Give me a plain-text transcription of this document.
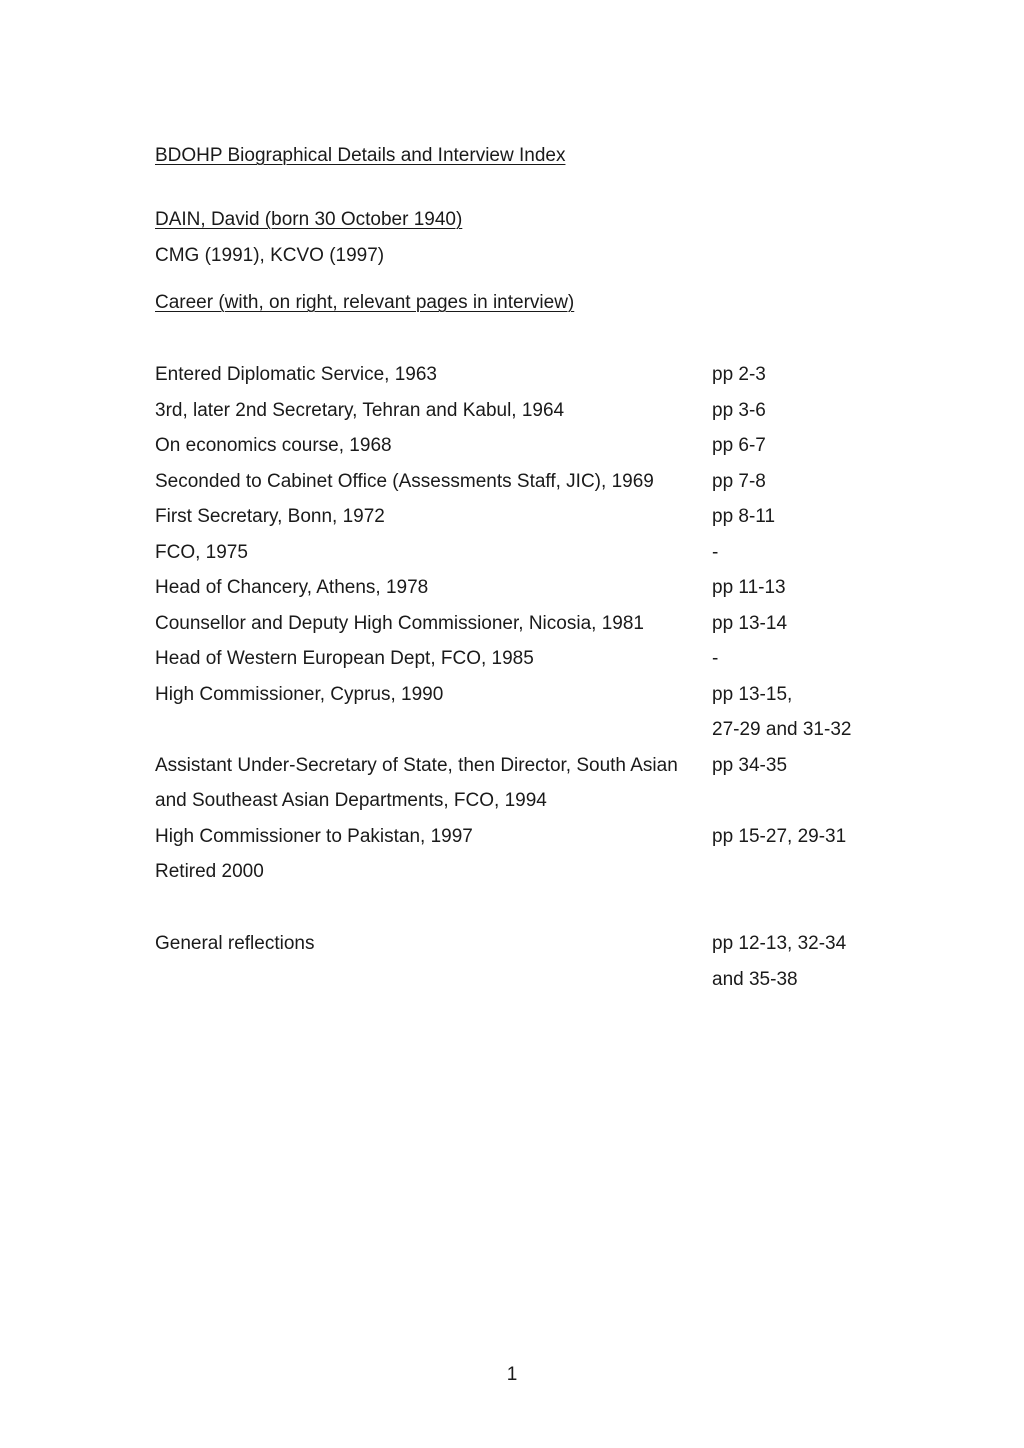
BDOHP Biographical Details and Interview Index
DAIN, David (born 30 October 1940)
CMG (1991), KCVO (1997)
Career (with, on right, relevant pages in interview)
Entered Diplomatic Service, 1963	pp 2-3
3rd, later 2nd Secretary, Tehran and Kabul, 1964	pp 3-6
On economics course, 1968	pp 6-7
Seconded to Cabinet Office (Assessments Staff, JIC), 1969	pp 7-8
First Secretary, Bonn, 1972	pp 8-11
FCO, 1975	-
Head of Chancery, Athens, 1978	pp 11-13
Counsellor and Deputy High Commissioner, Nicosia, 1981	pp 13-14
Head of Western European Dept, FCO, 1985	-
High Commissioner, Cyprus, 1990	pp 13-15,
27-29 and 31-32
Assistant Under-Secretary of State, then Director, South Asian	pp 34-35
and Southeast Asian Departments, FCO, 1994
High Commissioner to Pakistan, 1997	pp 15-27, 29-31
Retired 2000
General reflections	pp 12-13, 32-34
and 35-38
1
